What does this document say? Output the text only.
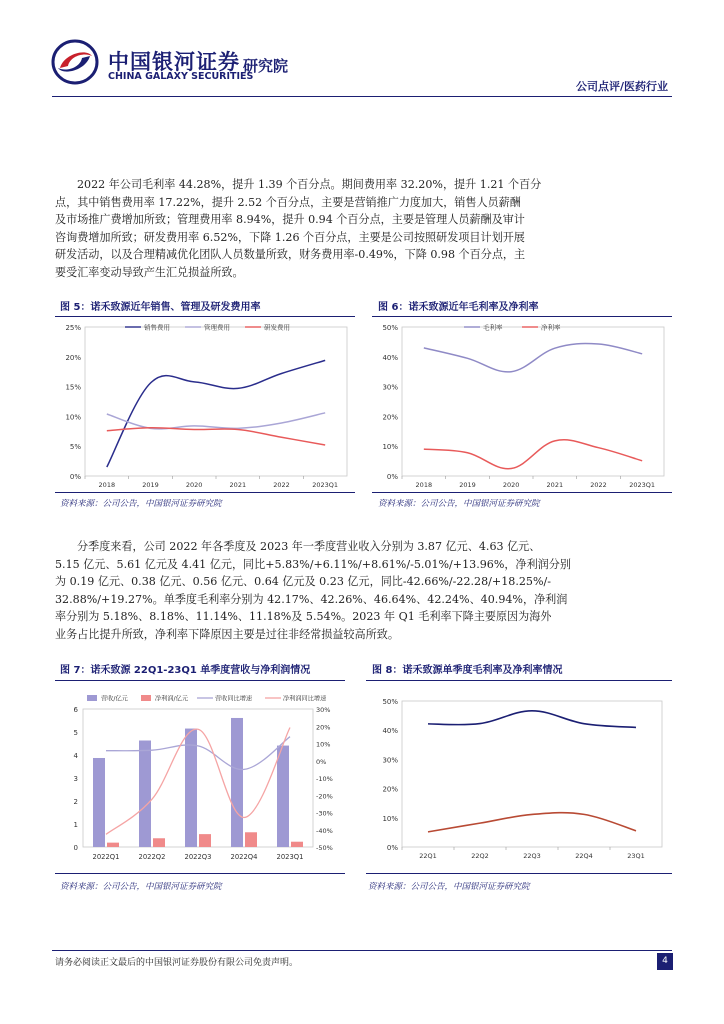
中国银河证券
CHINA GALAXY SECURITIES
研究院
公司点评/医药行业

2022 年公司毛利率 44.28%，提升 1.39 个百分点。期间费用率 32.20%，提升 1.21 个百分

点，其中销售费用率 17.22%，提升 2.52 个百分点，主要是营销推广力度加大，销售人员薪酬

及市场推广费增加所致；管理费用率 8.94%，提升 0.94 个百分点，主要是管理人员薪酬及审计

咨询费增加所致；研发费用率 6.52%，下降 1.26 个百分点，主要是公司按照研发项目计划开展

研发活动，以及合理精减优化团队人员数量所致，财务费用率-0.49%，下降 0.98 个百分点，主

要受汇率变动导致产生汇兑损益所致。

图 5：诺禾致源近年销售、管理及研发费用率	图 6：诺禾致源近年毛利率及净利率
0%
5%
10%
15%
20%
25%
2018	2019	2020	2021	2022	2023Q1
销售费用	管理费用	研发费用
0%
10%
20%
30%
40%
50%
2018	2019	2020	2021	2022	2023Q1
毛利率	净利率
资料来源：公司公告，中国银河证券研究院	资料来源：公司公告，中国银河证券研究院

分季度来看，公司 2022 年各季度及 2023 年一季度营业收入分别为 3.87 亿元、4.63 亿元、

5.15 亿元、5.61 亿元及 4.41 亿元，同比+5.83%/+6.11%/+8.61%/-5.01%/+13.96%，净利润分别

为 0.19 亿元、0.38 亿元、0.56 亿元、0.64 亿元及 0.23 亿元，同比-42.66%/-22.28/+18.25%/-

32.88%/+19.27%。单季度毛利率分别为 42.17%、42.26%、46.64%、42.24%、40.94%，净利润

率分别为 5.18%、8.18%、11.14%、11.18%及 5.54%。2023 年 Q1 毛利率下降主要原因为海外

业务占比提升所致，净利率下降原因主要是过往非经常损益较高所致。

图 7：诺禾致源 22Q1-23Q1 单季度营收与净利润情况	图 8：诺禾致源单季度毛利率及净利率情况
0
1
2
3
4
5
6
-50%
-40%
-30%
-20%
-10%
0%
10%
20%
30%
2022Q1	2022Q2	2022Q3	2022Q4	2023Q1
营收/亿元	净利润/亿元	营收同比增速	净利润同比增速
0%
10%
20%
30%
40%
50%
22Q1	22Q2	22Q3	22Q4	23Q1
资料来源：公司公告，中国银河证券研究院	资料来源：公司公告，中国银河证券研究院
请务必阅读正文最后的中国银河证券股份有限公司免责声明。	4
